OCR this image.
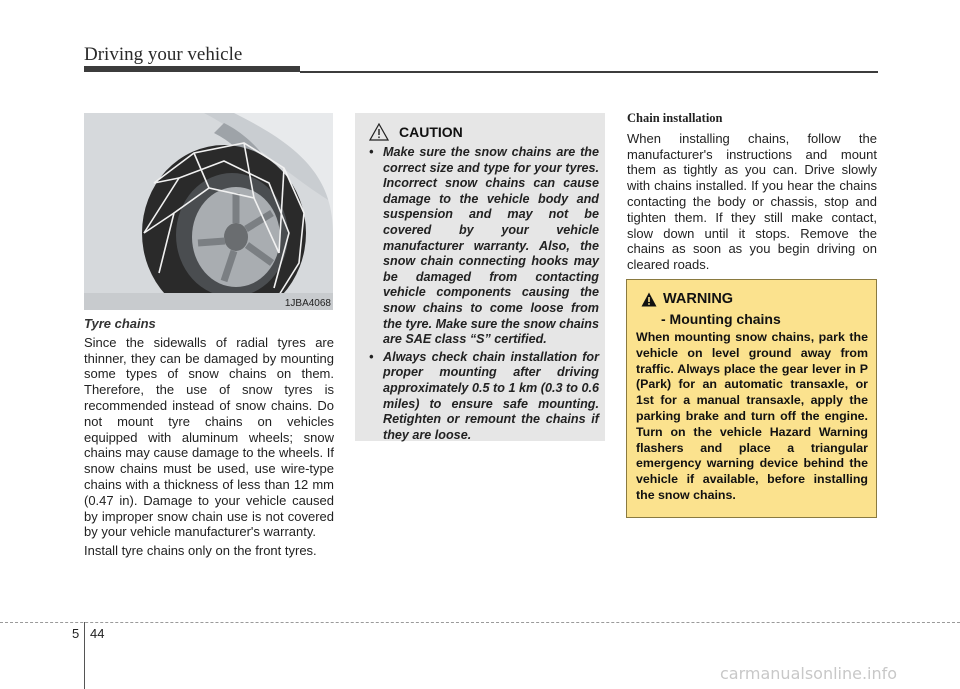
Driving your vehicle
1JBA4068

Tyre chains

Since the sidewalls of radial tyres are thinner, they can be damaged by mounting some types of snow chains on them. Therefore, the use of snow tyres is recommended instead of snow chains. Do not mount tyre chains on vehicles equipped with aluminum wheels; snow chains may cause damage to the wheels. If snow chains must be used, use wire-type chains with a thickness of less than 12 mm (0.47 in). Damage to your vehicle caused by improper snow chain use is not covered by your vehicle manufacturer's warranty.

Install tyre chains only on the front tyres.

CAUTION
• Make sure the snow chains are the correct size and type for your tyres. Incorrect snow chains can cause damage to the vehicle body and suspension and may not be covered by your vehicle manufacturer warranty. Also, the snow chain connecting hooks may be damaged from contacting vehicle components causing the snow chains to come loose from the tyre. Make sure the snow chains are SAE class “S” certified.
• Always check chain installation for proper mounting after driving approximately 0.5 to 1 km (0.3 to 0.6 miles) to ensure safe mounting. Retighten or remount the chains if they are loose.

Chain installation

When installing chains, follow the manufacturer's instructions and mount them as tightly as you can. Drive slowly with chains installed. If you hear the chains contacting the body or chassis, stop and tighten them. If they still make contact, slow down until it stops. Remove the chains as soon as you begin driving on cleared roads.

WARNING
- Mounting chains
When mounting snow chains, park the vehicle on level ground away from traffic. Always place the gear lever in P (Park) for an automatic transaxle, or 1st for a manual transaxle, apply the parking brake and turn off the engine. Turn on the vehicle Hazard Warning flashers and place a triangular emergency warning device behind the vehicle if available, before installing the snow chains.
5 44
carmanualsonline.info
